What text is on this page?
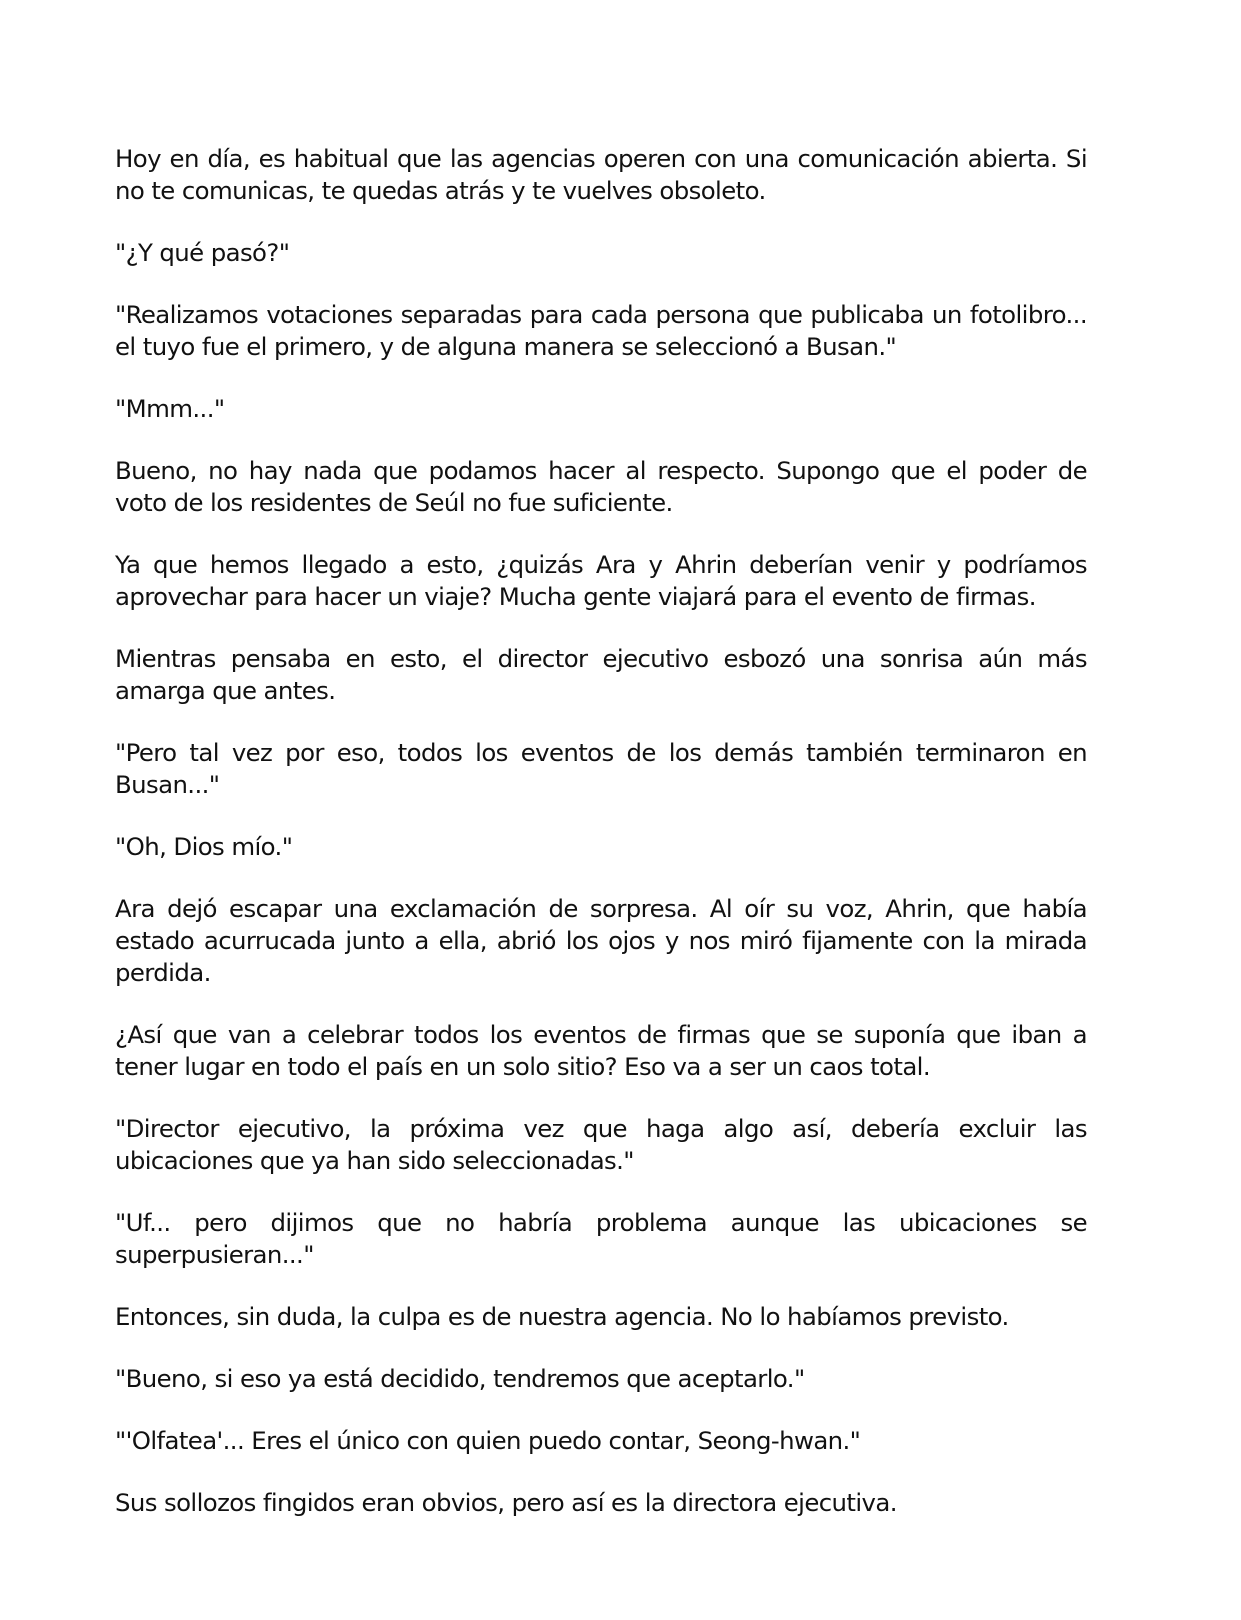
Hoy en día, es habitual que las agencias operen con una comunicación abierta. Si no te comunicas, te quedas atrás y te vuelves obsoleto.

"¿Y qué pasó?"

"Realizamos votaciones separadas para cada persona que publicaba un fotolibro... el tuyo fue el primero, y de alguna manera se seleccionó a Busan."

"Mmm..."

Bueno, no hay nada que podamos hacer al respecto. Supongo que el poder de voto de los residentes de Seúl no fue suficiente.

Ya que hemos llegado a esto, ¿quizás Ara y Ahrin deberían venir y podríamos aprovechar para hacer un viaje? Mucha gente viajará para el evento de firmas.

Mientras pensaba en esto, el director ejecutivo esbozó una sonrisa aún más amarga que antes.

"Pero tal vez por eso, todos los eventos de los demás también terminaron en Busan..."

"Oh, Dios mío."

Ara dejó escapar una exclamación de sorpresa. Al oír su voz, Ahrin, que había estado acurrucada junto a ella, abrió los ojos y nos miró fijamente con la mirada perdida.

¿Así que van a celebrar todos los eventos de firmas que se suponía que iban a tener lugar en todo el país en un solo sitio? Eso va a ser un caos total.

"Director ejecutivo, la próxima vez que haga algo así, debería excluir las ubicaciones que ya han sido seleccionadas."

"Uf... pero dijimos que no habría problema aunque las ubicaciones se superpusieran..."

Entonces, sin duda, la culpa es de nuestra agencia. No lo habíamos previsto.

"Bueno, si eso ya está decidido, tendremos que aceptarlo."

"'Olfatea'... Eres el único con quien puedo contar, Seong-hwan."

Sus sollozos fingidos eran obvios, pero así es la directora ejecutiva.
